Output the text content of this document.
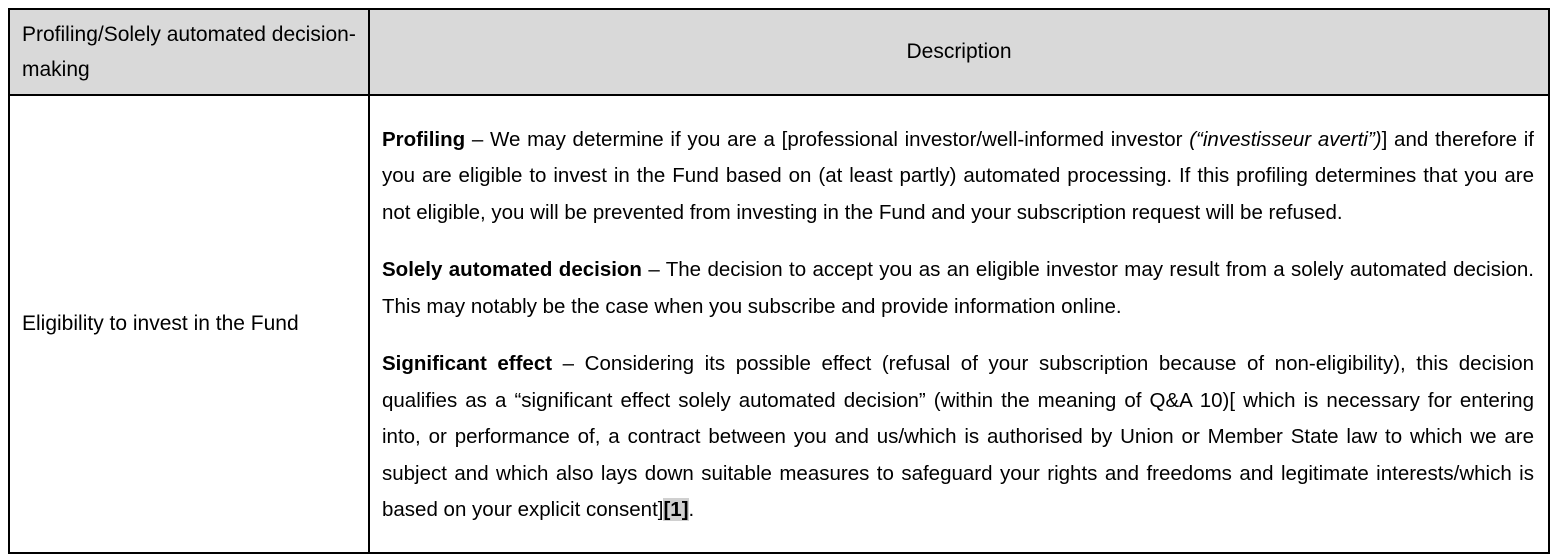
Profiling/Solely automated decision-making	Description
Eligibility to invest in the Fund	Profiling – We may determine if you are a [professional investor/well-informed investor (“investisseur averti”)] and therefore if you are eligible to invest in the Fund based on (at least partly) automated processing. If this profiling determines that you are not eligible, you will be prevented from investing in the Fund and your subscription request will be refused.

Solely automated decision – The decision to accept you as an eligible investor may result from a solely automated decision. This may notably be the case when you subscribe and provide information online.

Significant effect – Considering its possible effect (refusal of your subscription because of non-eligibility), this decision qualifies as a “significant effect solely automated decision” (within the meaning of Q&A 10)[ which is necessary for entering into, or performance of, a contract between you and us/which is authorised by Union or Member State law to which we are subject and which also lays down suitable measures to safeguard your rights and freedoms and legitimate interests/which is based on your explicit consent][1].
